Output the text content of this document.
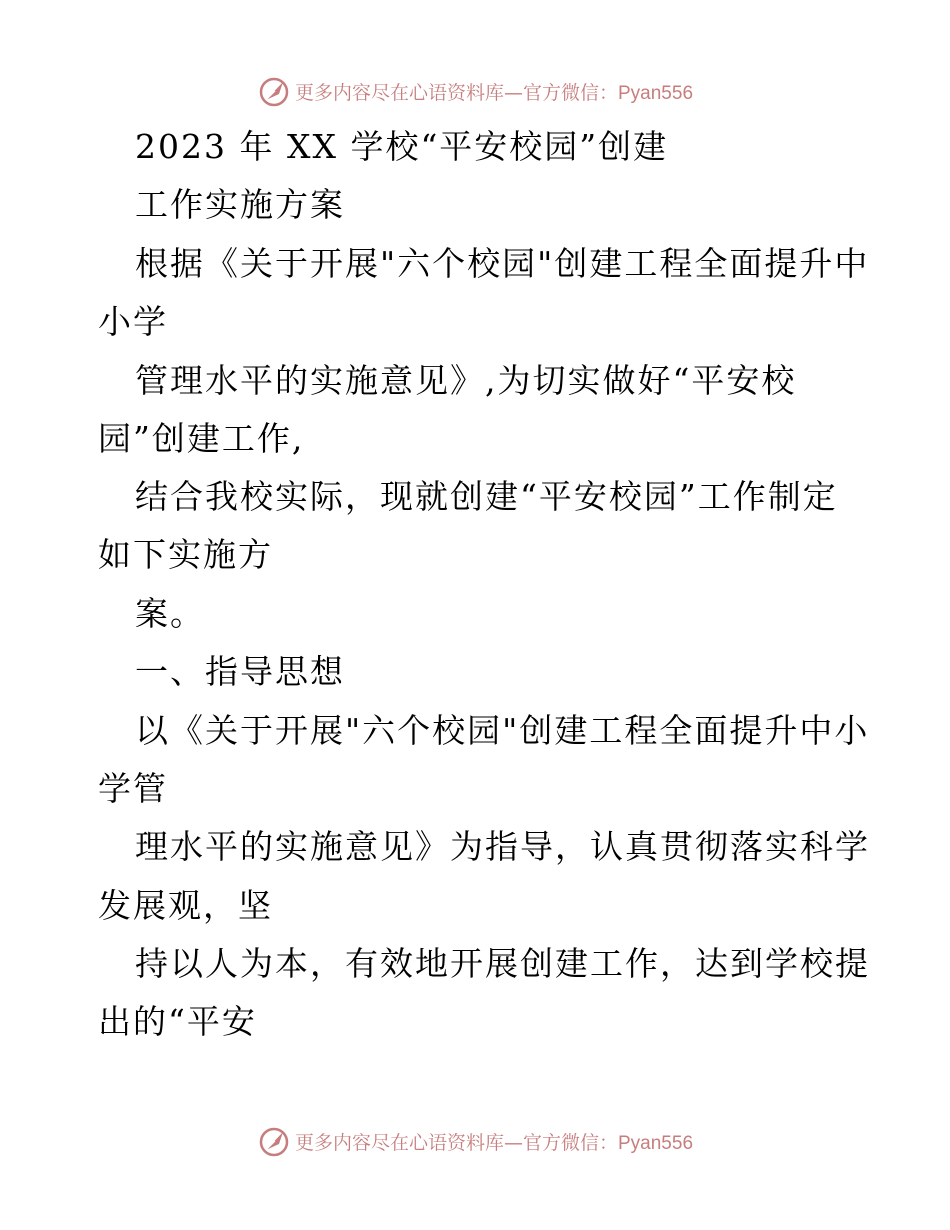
更多内容尽在心语资料库—官方微信：Pyan556
2023 年 XX 学校“平安校园”创建
工作实施方案
根据《关于开展"六个校园"创建工程全面提升中
小学
管理水平的实施意见》,为切实做好“平安校
园”创建工作,
结合我校实际，现就创建“平安校园”工作制定
如下实施方
案。
一、指导思想
以《关于开展"六个校园"创建工程全面提升中小
学管
理水平的实施意见》为指导，认真贯彻落实科学
发展观，坚
持以人为本，有效地开展创建工作，达到学校提
出的“平安
更多内容尽在心语资料库—官方微信：Pyan556
